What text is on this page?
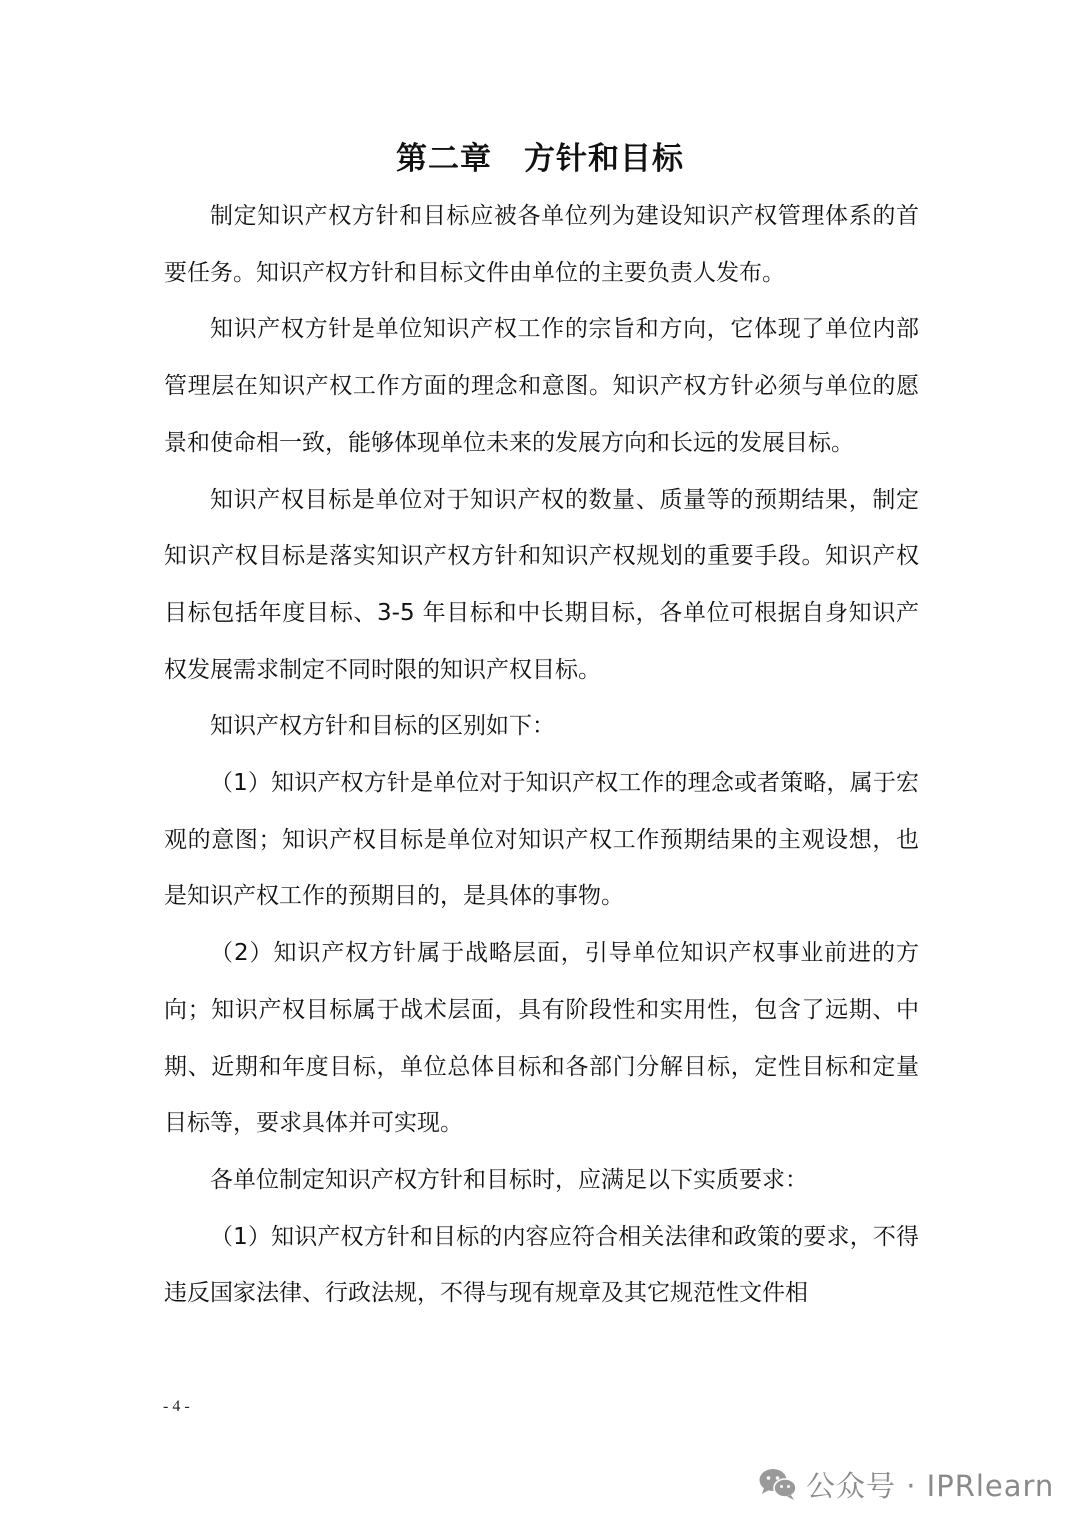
第二章　方针和目标

制定知识产权方针和目标应被各单位列为建设知识产权管理体系的首要任务。知识产权方针和目标文件由单位的主要负责人发布。

知识产权方针是单位知识产权工作的宗旨和方向，它体现了单位内部管理层在知识产权工作方面的理念和意图。知识产权方针必须与单位的愿景和使命相一致，能够体现单位未来的发展方向和长远的发展目标。

知识产权目标是单位对于知识产权的数量、质量等的预期结果，制定知识产权目标是落实知识产权方针和知识产权规划的重要手段。知识产权目标包括年度目标、3-5 年目标和中长期目标，各单位可根据自身知识产权发展需求制定不同时限的知识产权目标。

知识产权方针和目标的区别如下：

（1）知识产权方针是单位对于知识产权工作的理念或者策略，属于宏观的意图；知识产权目标是单位对知识产权工作预期结果的主观设想，也是知识产权工作的预期目的，是具体的事物。

（2）知识产权方针属于战略层面，引导单位知识产权事业前进的方向；知识产权目标属于战术层面，具有阶段性和实用性，包含了远期、中期、近期和年度目标，单位总体目标和各部门分解目标，定性目标和定量目标等，要求具体并可实现。

各单位制定知识产权方针和目标时，应满足以下实质要求：

（1）知识产权方针和目标的内容应符合相关法律和政策的要求，不得违反国家法律、行政法规，不得与现有规章及其它规范性文件相

- 4 -
公众号 · IPRlearn
